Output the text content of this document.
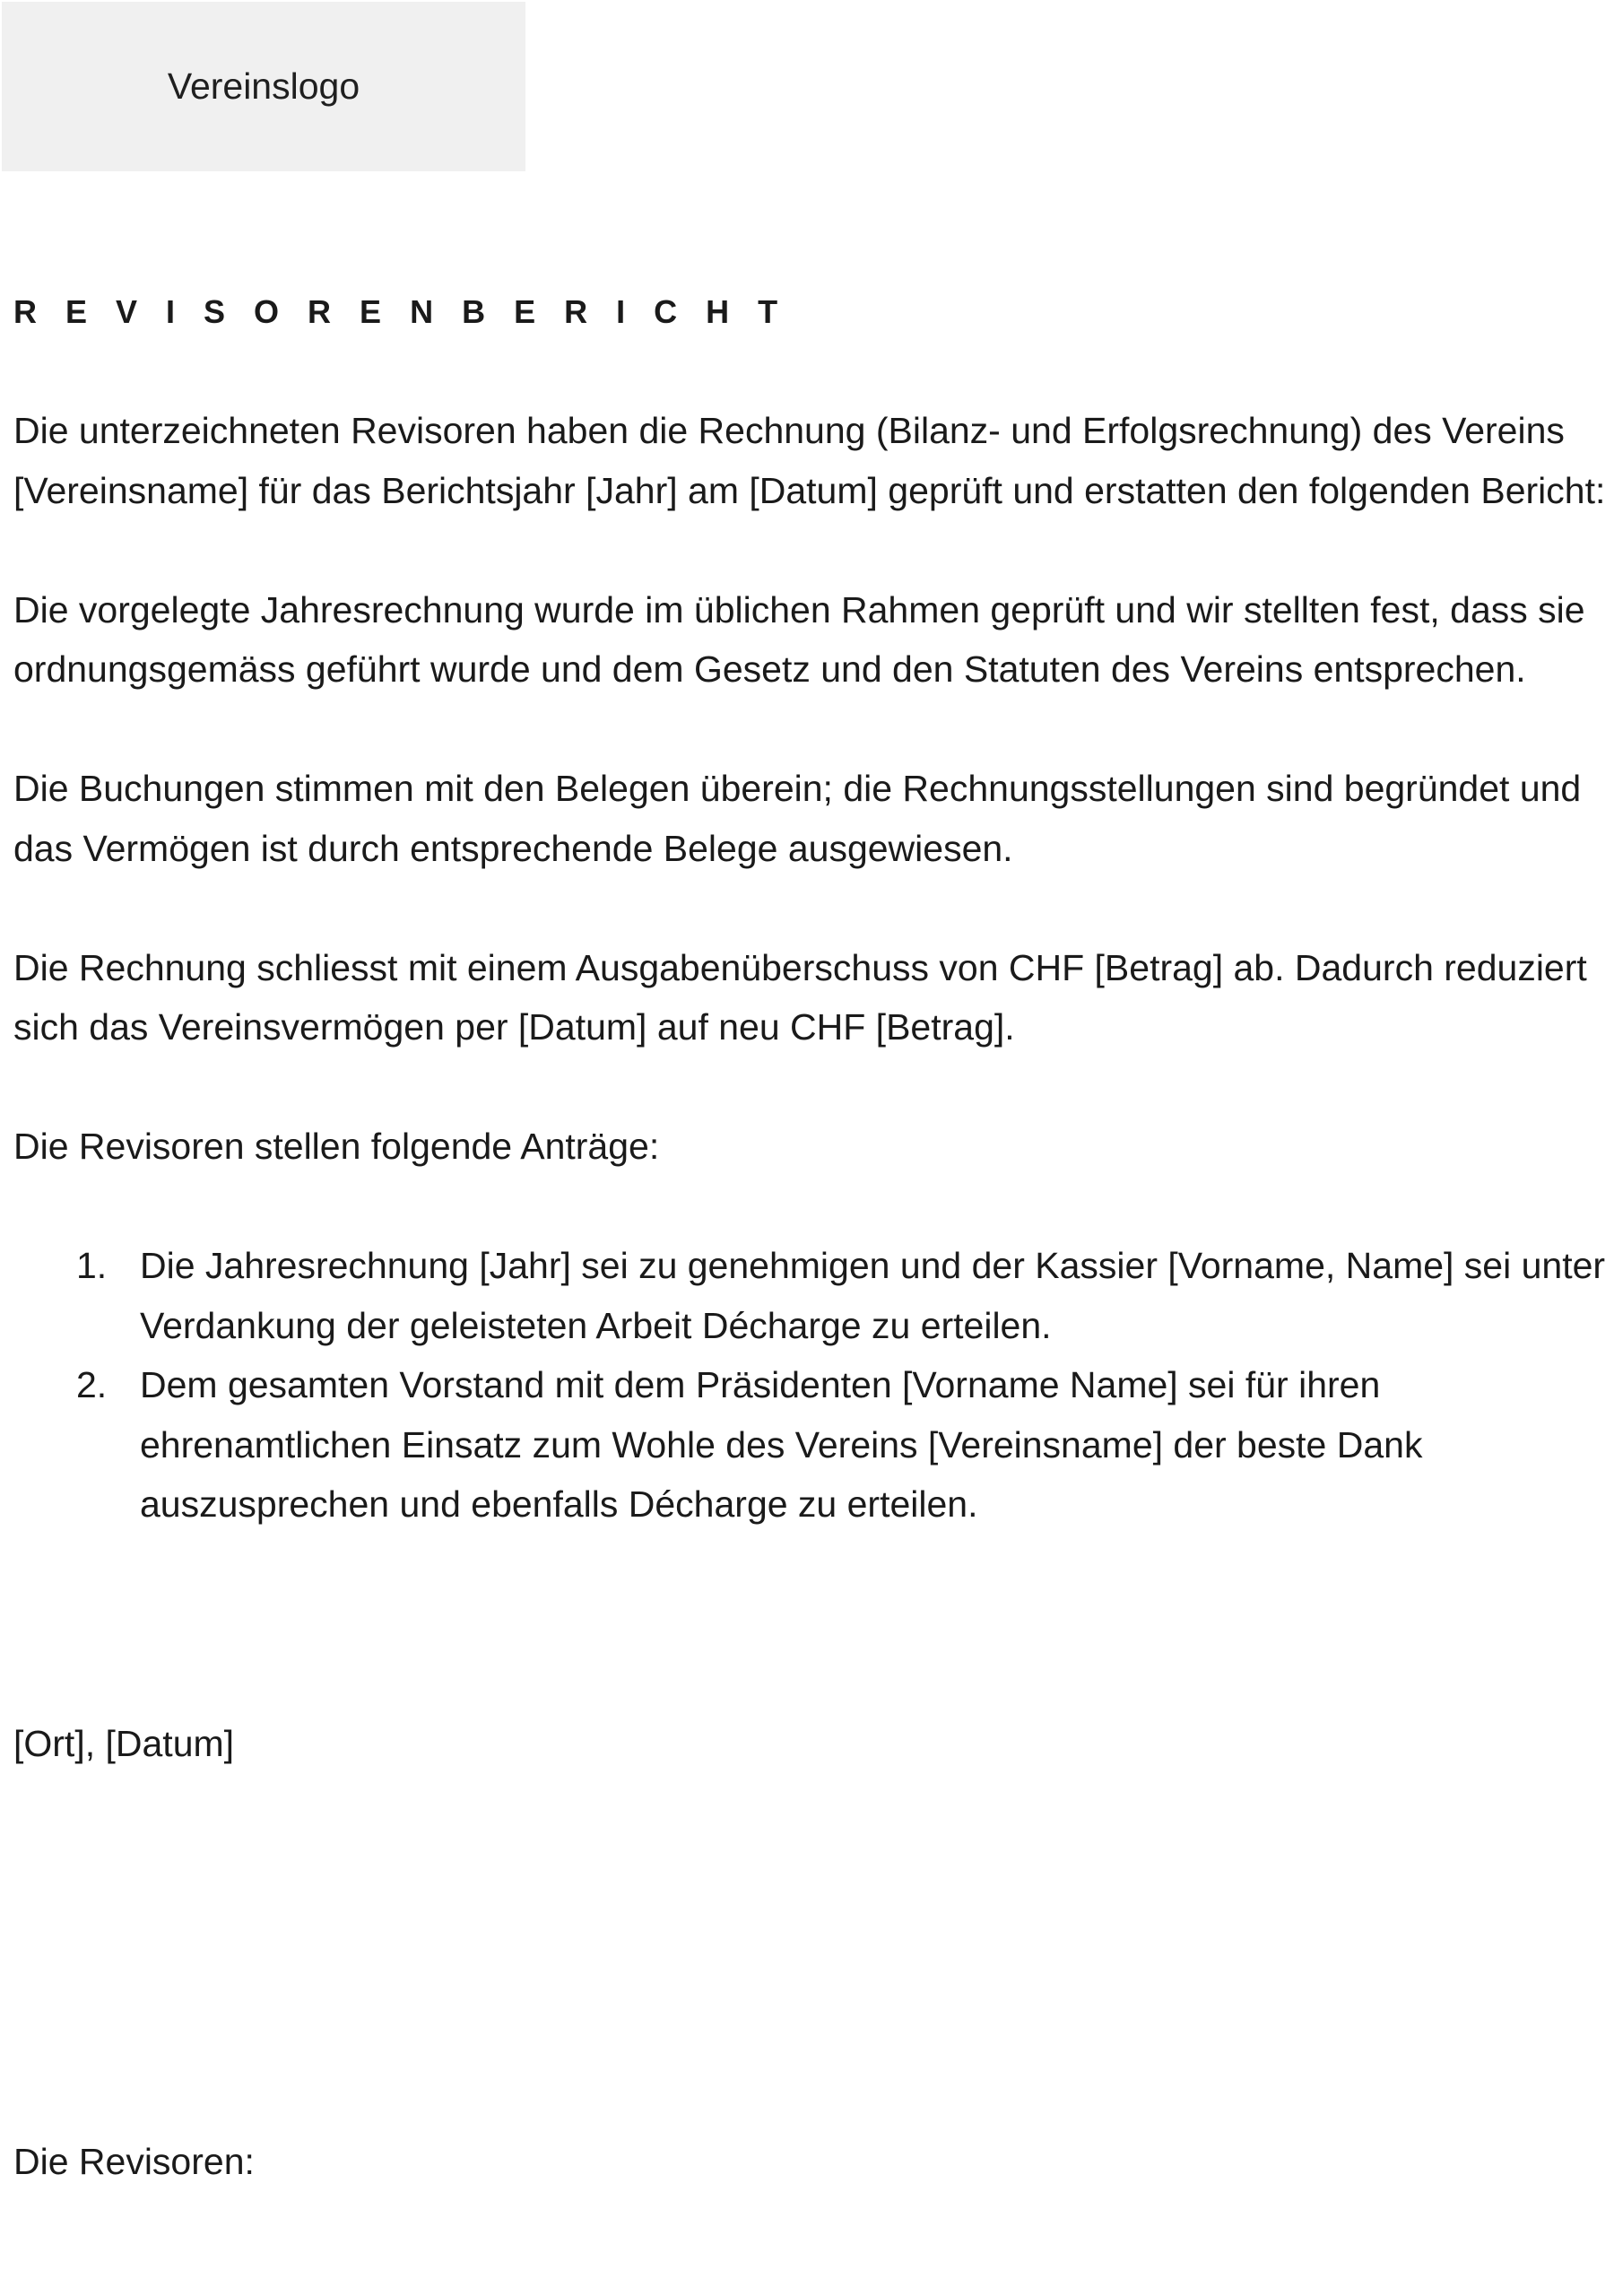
Vereinslogo
R E V I S O R E N B E R I C H T

Die unterzeichneten Revisoren haben die Rechnung (Bilanz- und Erfolgsrechnung) des Vereins [Vereinsname] für das Berichtsjahr [Jahr] am [Datum] geprüft und erstatten den folgenden Bericht:

Die vorgelegte Jahresrechnung wurde im üblichen Rahmen geprüft und wir stellten fest, dass sie ordnungsgemäss geführt wurde und dem Gesetz und den Statuten des Vereins entsprechen.

Die Buchungen stimmen mit den Belegen überein; die Rechnungsstellungen sind begründet und das Vermögen ist durch entsprechende Belege ausgewiesen.

Die Rechnung schliesst mit einem Ausgabenüberschuss von CHF [Betrag] ab. Dadurch reduziert sich das Vereinsvermögen per [Datum] auf neu CHF [Betrag].

Die Revisoren stellen folgende Anträge:

1. Die Jahresrechnung [Jahr] sei zu genehmigen und der Kassier [Vorname, Name] sei unter Verdankung der geleisteten Arbeit Décharge zu erteilen.
2. Dem gesamten Vorstand mit dem Präsidenten [Vorname Name] sei für ihren ehrenamtlichen Einsatz zum Wohle des Vereins [Vereinsname] der beste Dank auszusprechen und ebenfalls Décharge zu erteilen.

[Ort], [Datum]

Die Revisoren:
